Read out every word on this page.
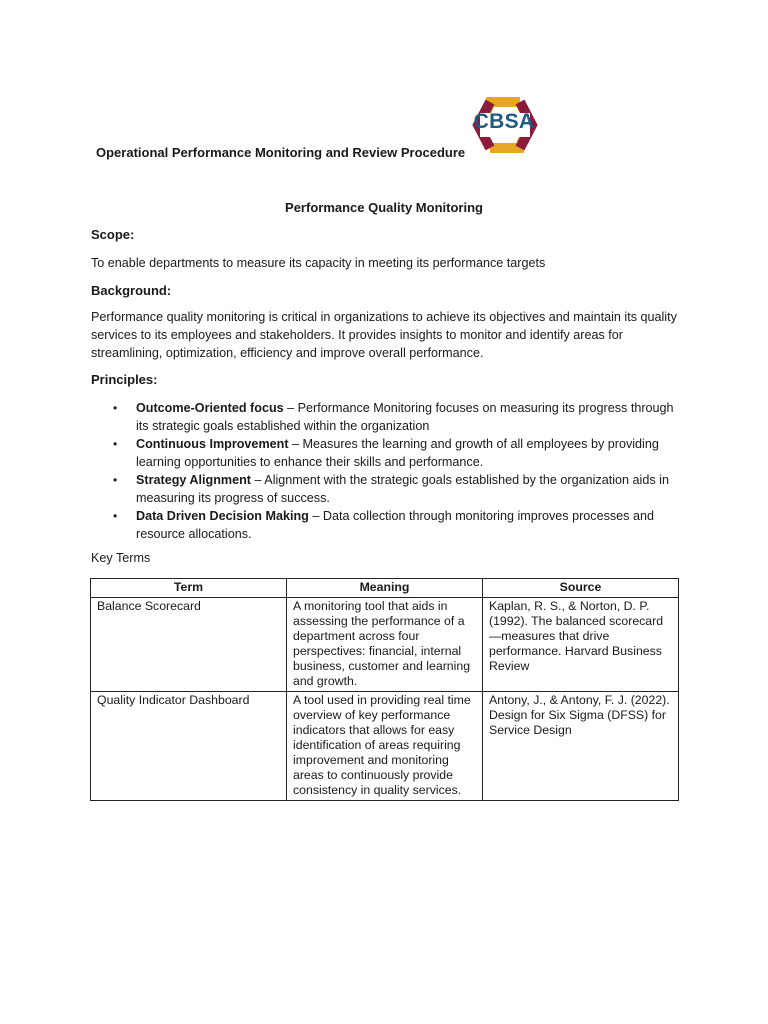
CBSA
Operational Performance Monitoring and Review Procedure
Performance Quality Monitoring
Scope:
To enable departments to measure its capacity in meeting its performance targets
Background:
Performance quality monitoring is critical in organizations to achieve its objectives and maintain its quality services to its employees and stakeholders. It provides insights to monitor and identify areas for streamlining, optimization, efficiency and improve overall performance.
Principles:
• Outcome-Oriented focus – Performance Monitoring focuses on measuring its progress through its strategic goals established within the organization
• Continuous Improvement – Measures the learning and growth of all employees by providing learning opportunities to enhance their skills and performance.
• Strategy Alignment – Alignment with the strategic goals established by the organization aids in measuring its progress of success.
• Data Driven Decision Making – Data collection through monitoring improves processes and resource allocations.
Key Terms
Term	Meaning	Source
Balance Scorecard	A monitoring tool that aids in assessing the performance of a department across four perspectives: financial, internal business, customer and learning and growth.	Kaplan, R. S., & Norton, D. P. (1992). The balanced scorecard—measures that drive performance. Harvard Business Review
Quality Indicator Dashboard	A tool used in providing real time overview of key performance indicators that allows for easy identification of areas requiring improvement and monitoring areas to continuously provide consistency in quality services.	Antony, J., & Antony, F. J. (2022). Design for Six Sigma (DFSS) for Service Design
